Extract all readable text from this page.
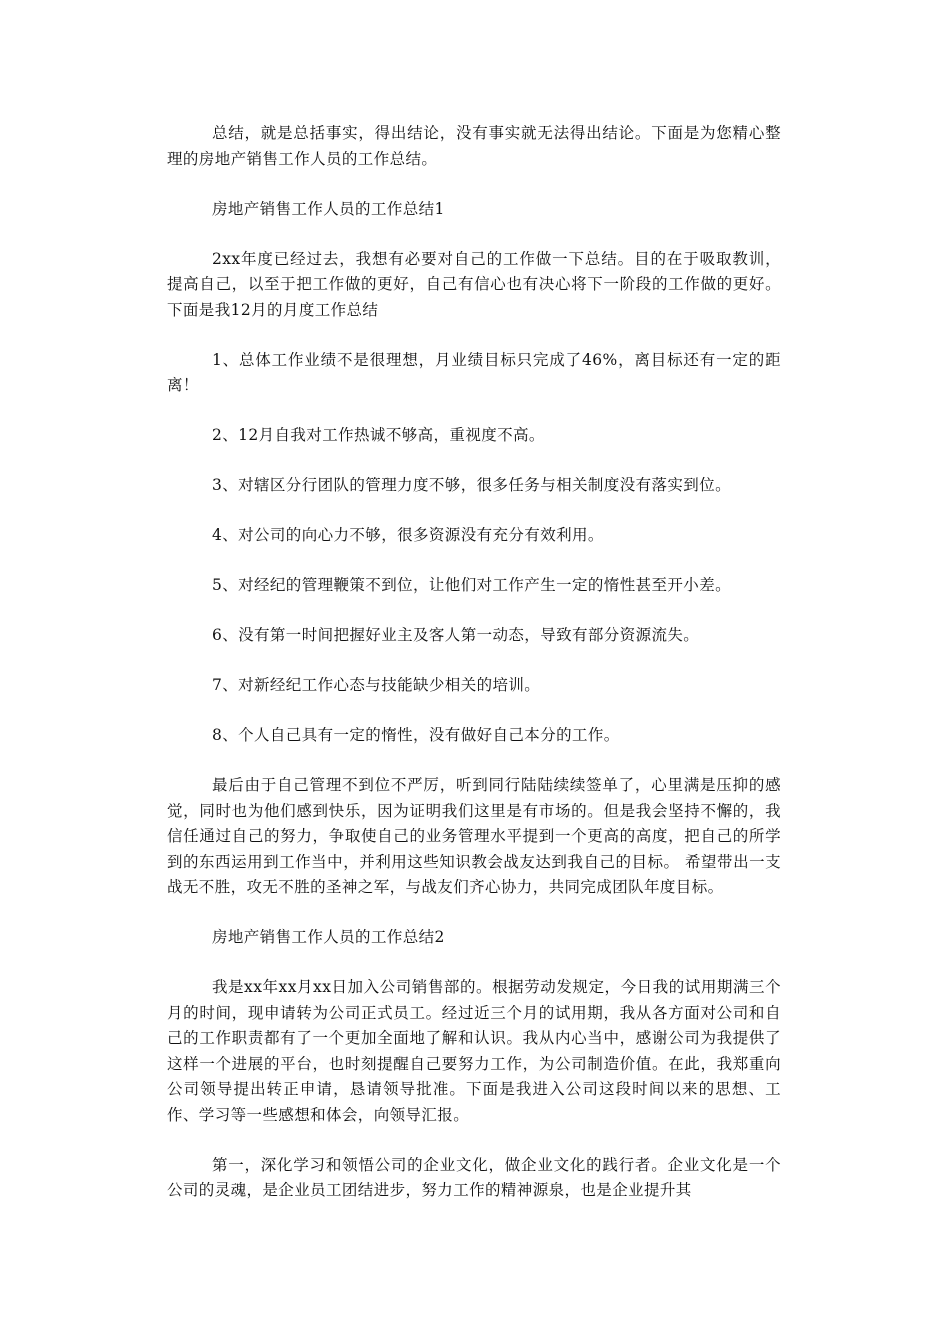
总结，就是总括事实，得出结论，没有事实就无法得出结论。下面是为您精心整理的房地产销售工作人员的工作总结。

房地产销售工作人员的工作总结1

2xx年度已经过去，我想有必要对自己的工作做一下总结。目的在于吸取教训，提高自己，以至于把工作做的更好，自己有信心也有决心将下一阶段的工作做的更好。下面是我12月的月度工作总结

1、总体工作业绩不是很理想，月业绩目标只完成了46%，离目标还有一定的距离！

2、12月自我对工作热诚不够高，重视度不高。

3、对辖区分行团队的管理力度不够，很多任务与相关制度没有落实到位。

4、对公司的向心力不够，很多资源没有充分有效利用。

5、对经纪的管理鞭策不到位，让他们对工作产生一定的惰性甚至开小差。

6、没有第一时间把握好业主及客人第一动态，导致有部分资源流失。

7、对新经纪工作心态与技能缺少相关的培训。

8、个人自己具有一定的惰性，没有做好自己本分的工作。

最后由于自己管理不到位不严厉，听到同行陆陆续续签单了，心里满是压抑的感觉，同时也为他们感到快乐，因为证明我们这里是有市场的。但是我会坚持不懈的，我信任通过自己的努力，争取使自己的业务管理水平提到一个更高的高度，把自己的所学到的东西运用到工作当中，并利用这些知识教会战友达到我自己的目标。 希望带出一支战无不胜，攻无不胜的圣神之军，与战友们齐心协力，共同完成团队年度目标。

房地产销售工作人员的工作总结2

我是xx年xx月xx日加入公司销售部的。根据劳动发规定，今日我的试用期满三个月的时间，现申请转为公司正式员工。经过近三个月的试用期，我从各方面对公司和自己的工作职责都有了一个更加全面地了解和认识。我从内心当中，感谢公司为我提供了这样一个进展的平台，也时刻提醒自己要努力工作，为公司制造价值。在此，我郑重向公司领导提出转正申请，恳请领导批准。下面是我进入公司这段时间以来的思想、工作、学习等一些感想和体会，向领导汇报。

第一，深化学习和领悟公司的企业文化，做企业文化的践行者。企业文化是一个公司的灵魂，是企业员工团结进步，努力工作的精神源泉，也是企业提升其
